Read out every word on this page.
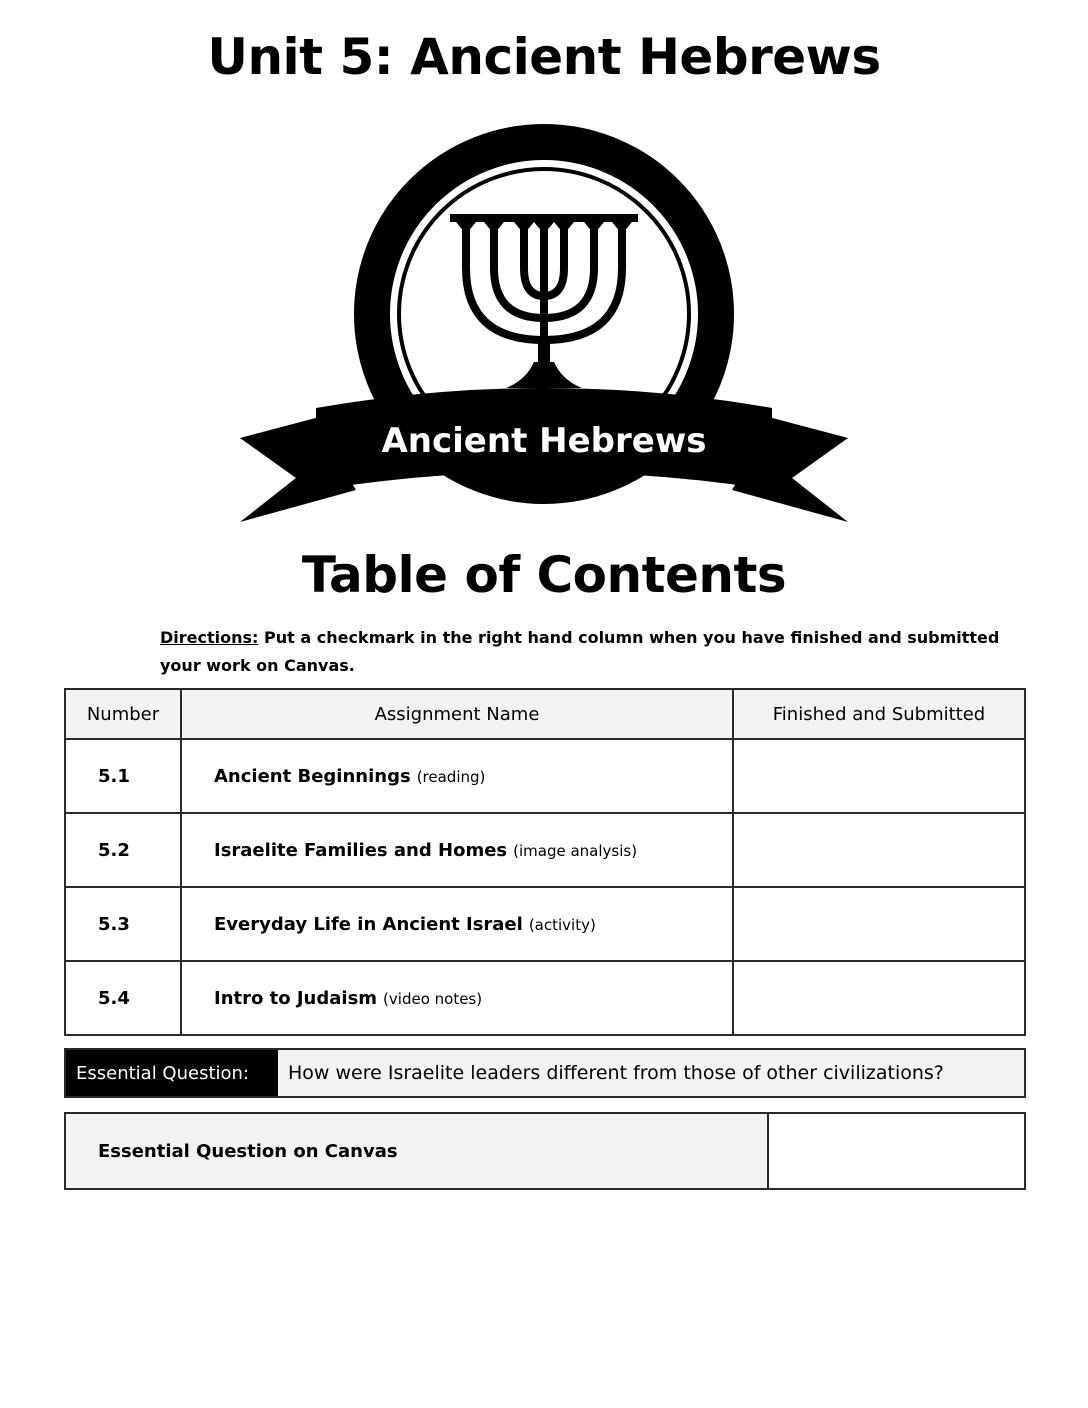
Unit 5: Ancient Hebrews
Ancient Hebrews
Table of Contents

Directions: Put a checkmark in the right hand column when you have finished and submitted your work on Canvas.

Number	Assignment Name	Finished and Submitted
5.1	Ancient Beginnings (reading)	
5.2	Israelite Families and Homes (image analysis)	
5.3	Everyday Life in Ancient Israel (activity)	
5.4	Intro to Judaism (video notes)	
Essential Question:	How were Israelite leaders different from those of other civilizations?
Essential Question on Canvas	
